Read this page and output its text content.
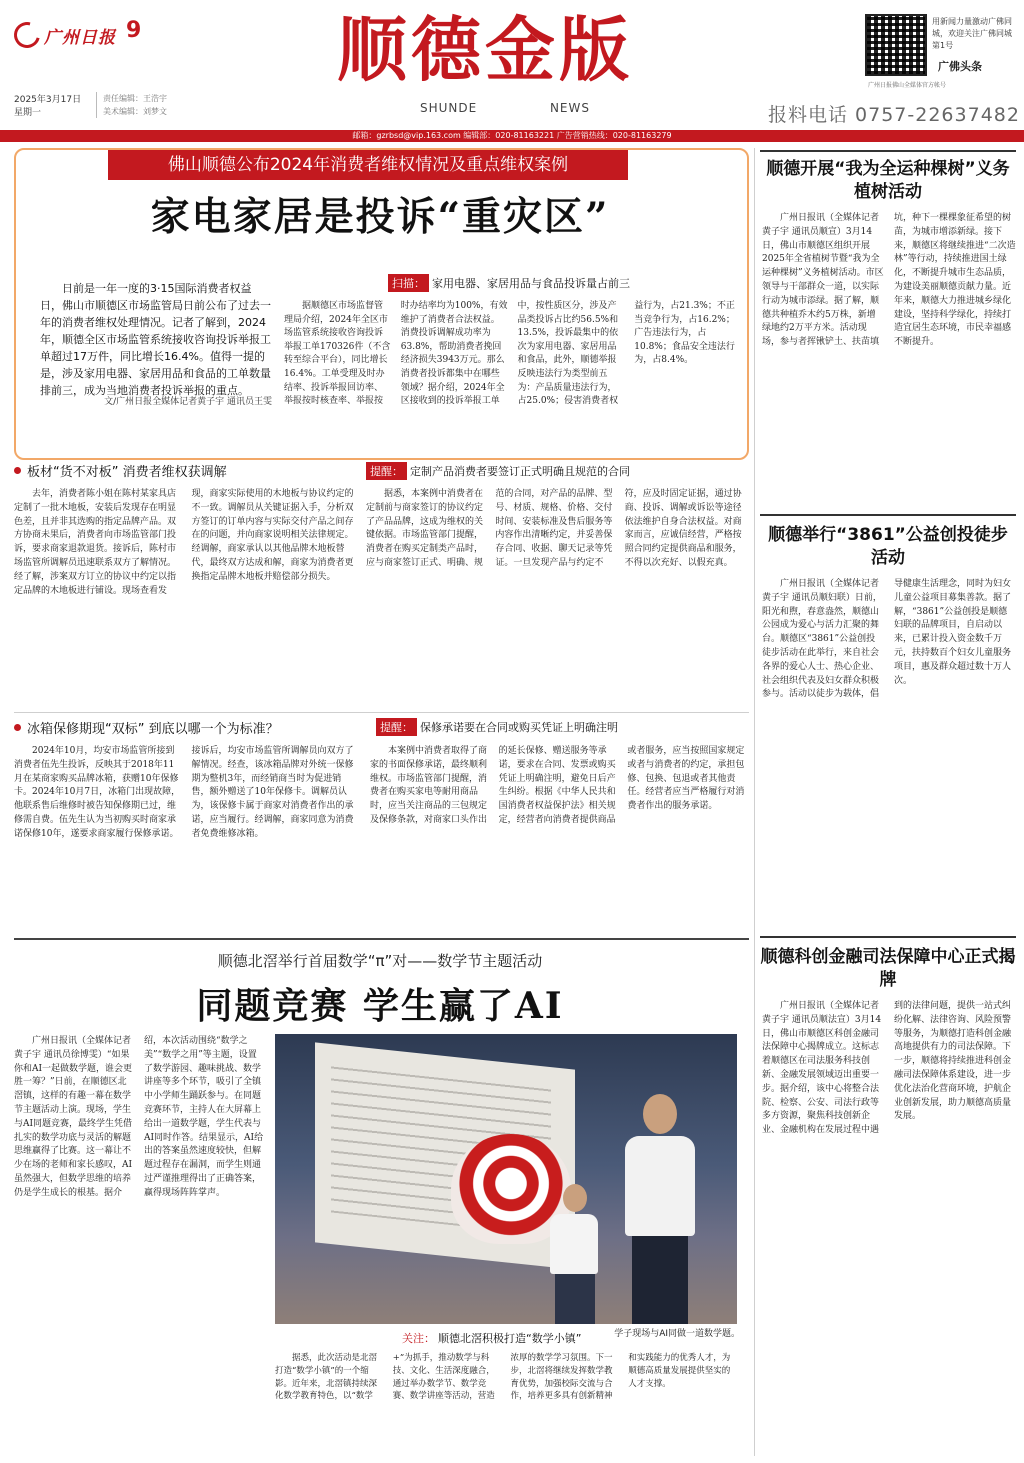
广州日报 9
2025年3月17日
星期一
责任编辑：王浩宇
美术编辑：刘梦文
顺德金版
SHUNDE	NEWS
用新闻力量激动广佛同城，欢迎关注广佛同城第1号
广佛头条
广州日报佛山全媒体官方帐号
报料电话 0757-22637482
邮箱：gzrbsd@vip.163.com 编辑部：020-81163221 广告营销热线：020-81163279
佛山顺德公布2024年消费者维权情况及重点维权案例
家电家居是投诉“重灾区”

日前是一年一度的3·15国际消费者权益日，佛山市顺德区市场监管局日前公布了过去一年的消费者维权处理情况。记者了解到，2024年，顺德全区市场监管系统接收咨询投诉举报工单超过17万件，同比增长16.4%。值得一提的是，涉及家用电器、家居用品和食品的工单数量排前三，成为当地消费者投诉举报的重点。

文/广州日报全媒体记者黄子宇 通讯员王雯
扫描： 家用电器、家居用品与食品投诉量占前三

据顺德区市场监督管理局介绍，2024年全区市场监管系统接收咨询投诉举报工单170326件（不含转至综合平台），同比增长16.4%。工单受理及时办结率、投诉举报回访率、举报按时核查率、举报按时办结率均为100%，有效维护了消费者合法权益。消费投诉调解成功率为63.8%，帮助消费者挽回经济损失3943万元。那么消费者投诉都集中在哪些领域？据介绍，2024年全区接收到的投诉举报工单中，按性质区分，涉及产品类投诉占比约56.5%和13.5%，投诉最集中的依次为家用电器、家居用品和食品，此外，顺德举报反映违法行为类型前五为：产品质量违法行为，占25.0%；侵害消费者权益行为，占21.3%；不正当竞争行为，占16.2%；广告违法行为，占10.8%；食品安全违法行为，占8.4%。

板材“货不对板” 消费者维权获调解

去年，消费者陈小姐在陈村某家具店定制了一批木地板，安装后发现存在明显色差，且并非其选购的指定品牌产品。双方协商未果后，消费者向市场监管部门投诉，要求商家退款退货。接诉后，陈村市场监管所调解员迅速联系双方了解情况。经了解，涉案双方订立的协议中约定以指定品牌的木地板进行铺设。现场查看发现，商家实际使用的木地板与协议约定的不一致。调解员从关键证据入手，分析双方签订的订单内容与实际交付产品之间存在的问题，并向商家说明相关法律规定。经调解，商家承认以其他品牌木地板替代，最终双方达成和解，商家为消费者更换指定品牌木地板并赔偿部分损失。

提醒： 定制产品消费者要签订正式明确且规范的合同

据悉，本案例中消费者在定制前与商家签订的协议约定了产品品牌，这成为维权的关键依据。市场监管部门提醒，消费者在购买定制类产品时，应与商家签订正式、明确、规范的合同，对产品的品牌、型号、材质、规格、价格、交付时间、安装标准及售后服务等内容作出清晰约定，并妥善保存合同、收据、聊天记录等凭证。一旦发现产品与约定不符，应及时固定证据，通过协商、投诉、调解或诉讼等途径依法维护自身合法权益。对商家而言，应诚信经营，严格按照合同约定提供商品和服务，不得以次充好、以假充真。

冰箱保修期现“双标” 到底以哪一个为标准？

2024年10月，均安市场监管所接到消费者伍先生投诉，反映其于2018年11月在某商家购买品牌冰箱，获赠10年保修卡。2024年10月7日，冰箱门出现故障，他联系售后维修时被告知保修期已过，维修需自费。伍先生认为当初购买时商家承诺保修10年，遂要求商家履行保修承诺。接诉后，均安市场监管所调解员向双方了解情况。经查，该冰箱品牌对外统一保修期为整机3年，而经销商当时为促进销售，额外赠送了10年保修卡。调解员认为，该保修卡属于商家对消费者作出的承诺，应当履行。经调解，商家同意为消费者免费维修冰箱。

提醒： 保修承诺要在合同或购买凭证上明确注明

本案例中消费者取得了商家的书面保修承诺，最终顺利维权。市场监管部门提醒，消费者在购买家电等耐用商品时，应当关注商品的三包规定及保修条款，对商家口头作出的延长保修、赠送服务等承诺，要求在合同、发票或购买凭证上明确注明，避免日后产生纠纷。根据《中华人民共和国消费者权益保护法》相关规定，经营者向消费者提供商品或者服务，应当按照国家规定或者与消费者的约定，承担包修、包换、包退或者其他责任。经营者应当严格履行对消费者作出的服务承诺。

顺德北滘举行首届数学“π”对——数学节主题活动
同题竞赛 学生赢了AI

广州日报讯（全媒体记者黄子宇 通讯员徐博雯）“如果你和AI一起做数学题，谁会更胜一筹？”日前，在顺德区北滘镇，这样的有趣一幕在数学节主题活动上演。现场，学生与AI同题竞赛，最终学生凭借扎实的数学功底与灵活的解题思维赢得了比赛。这一幕让不少在场的老师和家长感叹，AI虽然强大，但数学思维的培养仍是学生成长的根基。据介绍，本次活动围绕“数学之美”“数学之用”等主题，设置了数学游园、趣味挑战、数学讲座等多个环节，吸引了全镇中小学师生踊跃参与。在同题竞赛环节，主持人在大屏幕上给出一道数学题，学生代表与AI同时作答。结果显示，AI给出的答案虽然速度较快，但解题过程存在漏洞，而学生则通过严谨推理得出了正确答案，赢得现场阵阵掌声。

学子现场与AI同做一道数学题。
关注： 顺德北滘积极打造“数学小镇”

据悉，此次活动是北滘打造“数学小镇”的一个缩影。近年来，北滘镇持续深化数学教育特色，以“数学+”为抓手，推动数学与科技、文化、生活深度融合，通过举办数学节、数学竞赛、数学讲座等活动，营造浓厚的数学学习氛围。下一步，北滘将继续发挥数学教育优势，加强校际交流与合作，培养更多具有创新精神和实践能力的优秀人才，为顺德高质量发展提供坚实的人才支撑。

顺德开展“我为全运种棵树”义务植树活动

广州日报讯（全媒体记者黄子宇 通讯员顺宣）3月14日，佛山市顺德区组织开展2025年全省植树节暨“我为全运种棵树”义务植树活动。市区领导与干部群众一道，以实际行动为城市添绿。据了解，顺德共种植乔木约5万株，新增绿地约2万平方米。活动现场，参与者挥锹铲土、扶苗填坑，种下一棵棵象征希望的树苗，为城市增添新绿。接下来，顺德区将继续推进“二次造林”等行动，持续推进国土绿化，不断提升城市生态品质，为建设美丽顺德贡献力量。近年来，顺德大力推进城乡绿化建设，坚持科学绿化，持续打造宜居生态环境，市民幸福感不断提升。

顺德举行“3861”公益创投徒步活动

广州日报讯（全媒体记者黄子宇 通讯员顺妇联）日前，阳光和煦，春意盎然，顺德山公园成为爱心与活力汇聚的舞台。顺德区“3861”公益创投徒步活动在此举行，来自社会各界的爱心人士、热心企业、社会组织代表及妇女群众积极参与。活动以徒步为载体，倡导健康生活理念，同时为妇女儿童公益项目募集善款。据了解，“3861”公益创投是顺德妇联的品牌项目，自启动以来，已累计投入资金数千万元，扶持数百个妇女儿童服务项目，惠及群众超过数十万人次。

顺德科创金融司法保障中心正式揭牌

广州日报讯（全媒体记者黄子宇 通讯员顺法宣）3月14日，佛山市顺德区科创金融司法保障中心揭牌成立。这标志着顺德区在司法服务科技创新、金融发展领域迈出重要一步。据介绍，该中心将整合法院、检察、公安、司法行政等多方资源，聚焦科技创新企业、金融机构在发展过程中遇到的法律问题，提供一站式纠纷化解、法律咨询、风险预警等服务，为顺德打造科创金融高地提供有力的司法保障。下一步，顺德将持续推进科创金融司法保障体系建设，进一步优化法治化营商环境，护航企业创新发展，助力顺德高质量发展。
